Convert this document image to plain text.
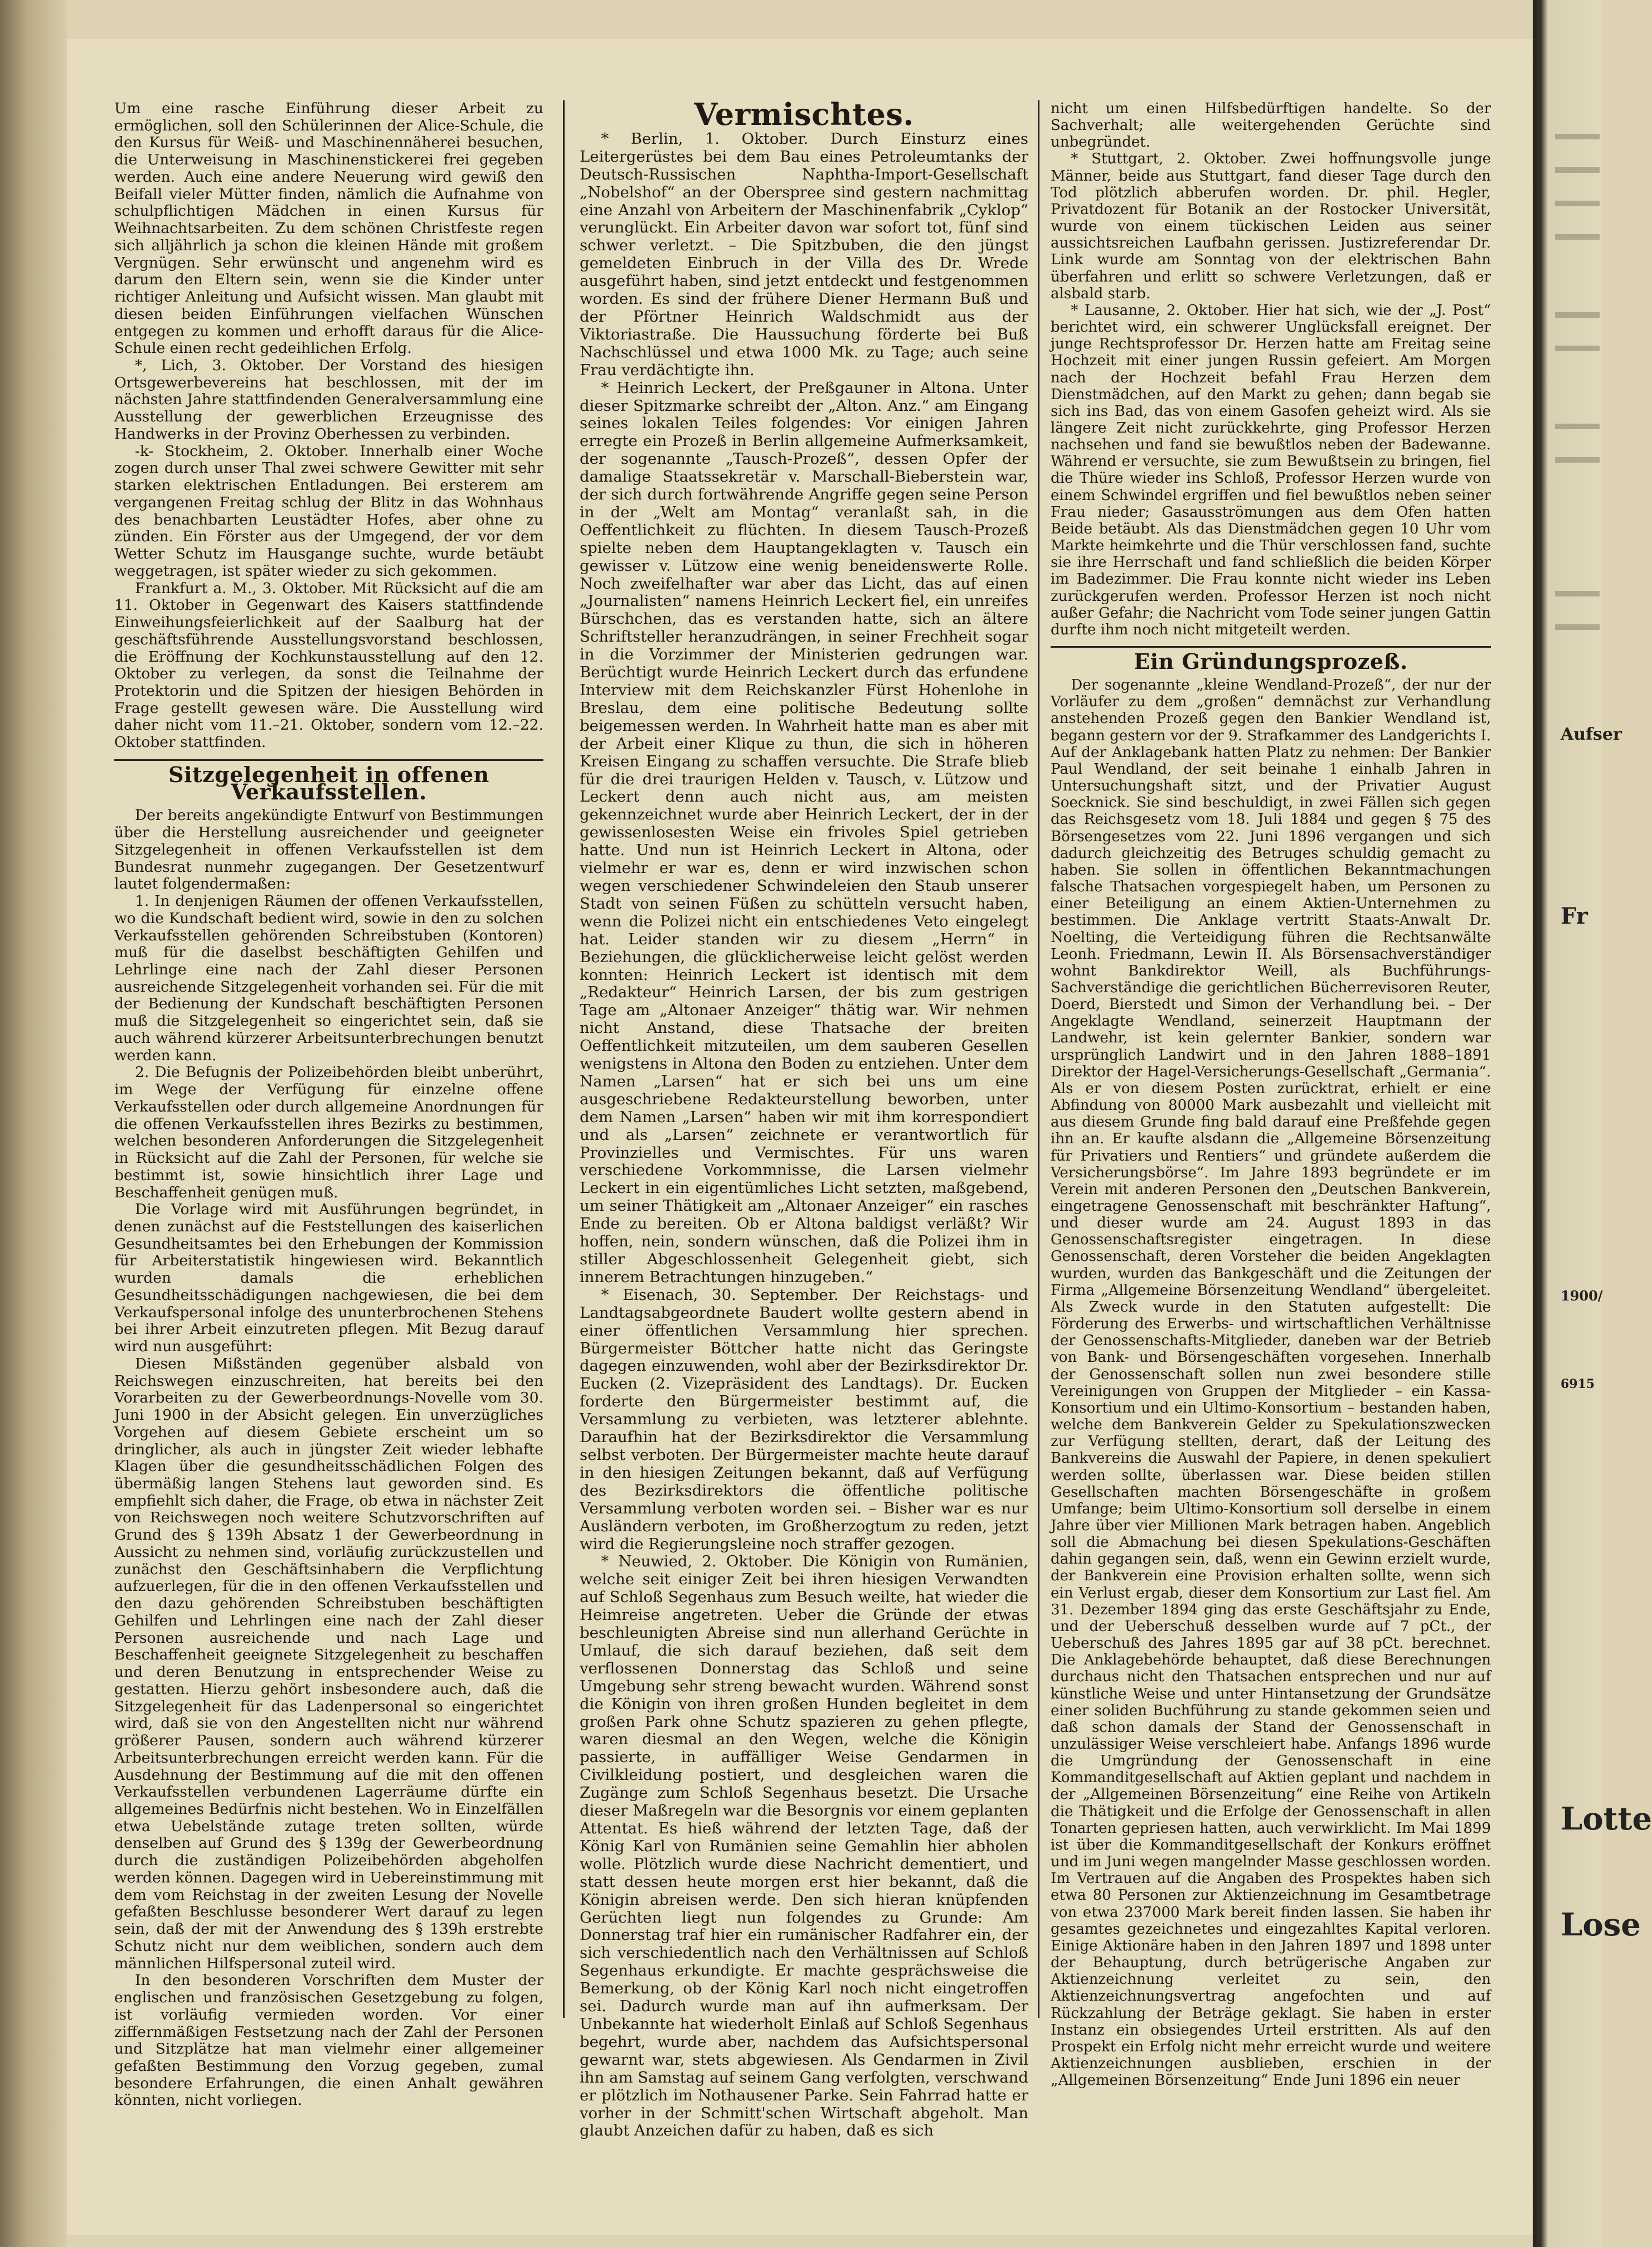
Um eine rasche Einführung dieser Arbeit zu ermöglichen, soll den Schülerinnen der Alice-Schule, die den Kursus für Weiß- und Maschinennäherei besuchen, die Unterweisung in Maschinenstickerei frei gegeben werden. Auch eine andere Neuerung wird gewiß den Beifall vieler Mütter finden, nämlich die Aufnahme von schulpflichtigen Mädchen in einen Kursus für Weihnachtsarbeiten. Zu dem schönen Christfeste regen sich alljährlich ja schon die kleinen Hände mit großem Vergnügen. Sehr erwünscht und angenehm wird es darum den Eltern sein, wenn sie die Kinder unter richtiger Anleitung und Aufsicht wissen. Man glaubt mit diesen beiden Einführungen vielfachen Wünschen entgegen zu kommen und erhofft daraus für die Alice-Schule einen recht gedeihlichen Erfolg.

*, Lich, 3. Oktober. Der Vorstand des hiesigen Ortsgewerbevereins hat beschlossen, mit der im nächsten Jahre stattfindenden Generalversammlung eine Ausstellung der gewerblichen Erzeugnisse des Handwerks in der Provinz Oberhessen zu verbinden.

-k- Stockheim, 2. Oktober. Innerhalb einer Woche zogen durch unser Thal zwei schwere Gewitter mit sehr starken elektrischen Entladungen. Bei ersterem am vergangenen Freitag schlug der Blitz in das Wohnhaus des benachbarten Leustädter Hofes, aber ohne zu zünden. Ein Förster aus der Umgegend, der vor dem Wetter Schutz im Hausgange suchte, wurde betäubt weggetragen, ist später wieder zu sich gekommen.

Frankfurt a. M., 3. Oktober. Mit Rücksicht auf die am 11. Oktober in Gegenwart des Kaisers stattfindende Einweihungsfeierlichkeit auf der Saalburg hat der geschäftsführende Ausstellungsvorstand beschlossen, die Eröffnung der Kochkunstausstellung auf den 12. Oktober zu verlegen, da sonst die Teilnahme der Protektorin und die Spitzen der hiesigen Behörden in Frage gestellt gewesen wäre. Die Ausstellung wird daher nicht vom 11.–21. Oktober, sondern vom 12.–22. Oktober stattfinden.

Sitzgelegenheit in offenen Verkaufsstellen.

Der bereits angekündigte Entwurf von Bestimmungen über die Herstellung ausreichender und geeigneter Sitzgelegenheit in offenen Verkaufsstellen ist dem Bundesrat nunmehr zugegangen. Der Gesetzentwurf lautet folgendermaßen:

1. In denjenigen Räumen der offenen Verkaufsstellen, wo die Kundschaft bedient wird, sowie in den zu solchen Verkaufsstellen gehörenden Schreibstuben (Kontoren) muß für die daselbst beschäftigten Gehilfen und Lehrlinge eine nach der Zahl dieser Personen ausreichende Sitzgelegenheit vorhanden sei. Für die mit der Bedienung der Kundschaft beschäftigten Personen muß die Sitzgelegenheit so eingerichtet sein, daß sie auch während kürzerer Arbeitsunterbrechungen benutzt werden kann.

2. Die Befugnis der Polizeibehörden bleibt unberührt, im Wege der Verfügung für einzelne offene Verkaufsstellen oder durch allgemeine Anordnungen für die offenen Verkaufsstellen ihres Bezirks zu bestimmen, welchen besonderen Anforderungen die Sitzgelegenheit in Rücksicht auf die Zahl der Personen, für welche sie bestimmt ist, sowie hinsichtlich ihrer Lage und Beschaffenheit genügen muß.

Die Vorlage wird mit Ausführungen begründet, in denen zunächst auf die Feststellungen des kaiserlichen Gesundheitsamtes bei den Erhebungen der Kommission für Arbeiterstatistik hingewiesen wird. Bekanntlich wurden damals die erheblichen Gesundheitsschädigungen nachgewiesen, die bei dem Verkaufspersonal infolge des ununterbrochenen Stehens bei ihrer Arbeit einzutreten pflegen. Mit Bezug darauf wird nun ausgeführt:

Diesen Mißständen gegenüber alsbald von Reichswegen einzuschreiten, hat bereits bei den Vorarbeiten zu der Gewerbeordnungs-Novelle vom 30. Juni 1900 in der Absicht gelegen. Ein unverzügliches Vorgehen auf diesem Gebiete erscheint um so dringlicher, als auch in jüngster Zeit wieder lebhafte Klagen über die gesundheitsschädlichen Folgen des übermäßig langen Stehens laut geworden sind. Es empfiehlt sich daher, die Frage, ob etwa in nächster Zeit von Reichswegen noch weitere Schutzvorschriften auf Grund des § 139h Absatz 1 der Gewerbeordnung in Aussicht zu nehmen sind, vorläufig zurückzustellen und zunächst den Geschäftsinhabern die Verpflichtung aufzuerlegen, für die in den offenen Verkaufsstellen und den dazu gehörenden Schreibstuben beschäftigten Gehilfen und Lehrlingen eine nach der Zahl dieser Personen ausreichende und nach Lage und Beschaffenheit geeignete Sitzgelegenheit zu beschaffen und deren Benutzung in entsprechender Weise zu gestatten. Hierzu gehört insbesondere auch, daß die Sitzgelegenheit für das Ladenpersonal so eingerichtet wird, daß sie von den Angestellten nicht nur während größerer Pausen, sondern auch während kürzerer Arbeitsunterbrechungen erreicht werden kann. Für die Ausdehnung der Bestimmung auf die mit den offenen Verkaufsstellen verbundenen Lagerräume dürfte ein allgemeines Bedürfnis nicht bestehen. Wo in Einzelfällen etwa Uebelstände zutage treten sollten, würde denselben auf Grund des § 139g der Gewerbeordnung durch die zuständigen Polizeibehörden abgeholfen werden können. Dagegen wird in Uebereinstimmung mit dem vom Reichstag in der zweiten Lesung der Novelle gefaßten Beschlusse besonderer Wert darauf zu legen sein, daß der mit der Anwendung des § 139h erstrebte Schutz nicht nur dem weiblichen, sondern auch dem männlichen Hilfspersonal zuteil wird.

In den besonderen Vorschriften dem Muster der englischen und französischen Gesetzgebung zu folgen, ist vorläufig vermieden worden. Vor einer ziffernmäßigen Festsetzung nach der Zahl der Personen und Sitzplätze hat man vielmehr einer allgemeiner gefaßten Bestimmung den Vorzug gegeben, zumal besondere Erfahrungen, die einen Anhalt gewähren könnten, nicht vorliegen.

Vermischtes.

* Berlin, 1. Oktober. Durch Einsturz eines Leitergerüstes bei dem Bau eines Petroleumtanks der Deutsch-Russischen Naphtha-Import-Gesellschaft „Nobelshof“ an der Oberspree sind gestern nachmittag eine Anzahl von Arbeitern der Maschinenfabrik „Cyklop“ verunglückt. Ein Arbeiter davon war sofort tot, fünf sind schwer verletzt. – Die Spitzbuben, die den jüngst gemeldeten Einbruch in der Villa des Dr. Wrede ausgeführt haben, sind jetzt entdeckt und festgenommen worden. Es sind der frühere Diener Hermann Buß und der Pförtner Heinrich Waldschmidt aus der Viktoriastraße. Die Haussuchung förderte bei Buß Nachschlüssel und etwa 1000 Mk. zu Tage; auch seine Frau verdächtigte ihn.

* Heinrich Leckert, der Preßgauner in Altona. Unter dieser Spitzmarke schreibt der „Alton. Anz.“ am Eingang seines lokalen Teiles folgendes: Vor einigen Jahren erregte ein Prozeß in Berlin allgemeine Aufmerksamkeit, der sogenannte „Tausch-Prozeß“, dessen Opfer der damalige Staatssekretär v. Marschall-Bieberstein war, der sich durch fortwährende Angriffe gegen seine Person in der „Welt am Montag“ veranlaßt sah, in die Oeffentlichkeit zu flüchten. In diesem Tausch-Prozeß spielte neben dem Hauptangeklagten v. Tausch ein gewisser v. Lützow eine wenig beneidenswerte Rolle. Noch zweifelhafter war aber das Licht, das auf einen „Journalisten“ namens Heinrich Leckert fiel, ein unreifes Bürschchen, das es verstanden hatte, sich an ältere Schriftsteller heranzudrängen, in seiner Frechheit sogar in die Vorzimmer der Ministerien gedrungen war. Berüchtigt wurde Heinrich Leckert durch das erfundene Interview mit dem Reichskanzler Fürst Hohenlohe in Breslau, dem eine politische Bedeutung sollte beigemessen werden. In Wahrheit hatte man es aber mit der Arbeit einer Klique zu thun, die sich in höheren Kreisen Eingang zu schaffen versuchte. Die Strafe blieb für die drei traurigen Helden v. Tausch, v. Lützow und Leckert denn auch nicht aus, am meisten gekennzeichnet wurde aber Heinrich Leckert, der in der gewissenlosesten Weise ein frivoles Spiel getrieben hatte. Und nun ist Heinrich Leckert in Altona, oder vielmehr er war es, denn er wird inzwischen schon wegen verschiedener Schwindeleien den Staub unserer Stadt von seinen Füßen zu schütteln versucht haben, wenn die Polizei nicht ein entschiedenes Veto eingelegt hat. Leider standen wir zu diesem „Herrn“ in Beziehungen, die glücklicherweise leicht gelöst werden konnten: Heinrich Leckert ist identisch mit dem „Redakteur“ Heinrich Larsen, der bis zum gestrigen Tage am „Altonaer Anzeiger“ thätig war. Wir nehmen nicht Anstand, diese Thatsache der breiten Oeffentlichkeit mitzuteilen, um dem sauberen Gesellen wenigstens in Altona den Boden zu entziehen. Unter dem Namen „Larsen“ hat er sich bei uns um eine ausgeschriebene Redakteurstellung beworben, unter dem Namen „Larsen“ haben wir mit ihm korrespondiert und als „Larsen“ zeichnete er verantwortlich für Provinzielles und Vermischtes. Für uns waren verschiedene Vorkommnisse, die Larsen vielmehr Leckert in ein eigentümliches Licht setzten, maßgebend, um seiner Thätigkeit am „Altonaer Anzeiger“ ein rasches Ende zu bereiten. Ob er Altona baldigst verläßt? Wir hoffen, nein, sondern wünschen, daß die Polizei ihm in stiller Abgeschlossenheit Gelegenheit giebt, sich innerem Betrachtungen hinzugeben.“

* Eisenach, 30. September. Der Reichstags- und Landtagsabgeordnete Baudert wollte gestern abend in einer öffentlichen Versammlung hier sprechen. Bürgermeister Böttcher hatte nicht das Geringste dagegen einzuwenden, wohl aber der Bezirksdirektor Dr. Eucken (2. Vizepräsident des Landtags). Dr. Eucken forderte den Bürgermeister bestimmt auf, die Versammlung zu verbieten, was letzterer ablehnte. Daraufhin hat der Bezirksdirektor die Versammlung selbst verboten. Der Bürgermeister machte heute darauf in den hiesigen Zeitungen bekannt, daß auf Verfügung des Bezirksdirektors die öffentliche politische Versammlung verboten worden sei. – Bisher war es nur Ausländern verboten, im Großherzogtum zu reden, jetzt wird die Regierungsleine noch straffer gezogen.

* Neuwied, 2. Oktober. Die Königin von Rumänien, welche seit einiger Zeit bei ihren hiesigen Verwandten auf Schloß Segenhaus zum Besuch weilte, hat wieder die Heimreise angetreten. Ueber die Gründe der etwas beschleunigten Abreise sind nun allerhand Gerüchte in Umlauf, die sich darauf beziehen, daß seit dem verflossenen Donnerstag das Schloß und seine Umgebung sehr streng bewacht wurden. Während sonst die Königin von ihren großen Hunden begleitet in dem großen Park ohne Schutz spazieren zu gehen pflegte, waren diesmal an den Wegen, welche die Königin passierte, in auffälliger Weise Gendarmen in Civilkleidung postiert, und desgleichen waren die Zugänge zum Schloß Segenhaus besetzt. Die Ursache dieser Maßregeln war die Besorgnis vor einem geplanten Attentat. Es hieß während der letzten Tage, daß der König Karl von Rumänien seine Gemahlin hier abholen wolle. Plötzlich wurde diese Nachricht dementiert, und statt dessen heute morgen erst hier bekannt, daß die Königin abreisen werde. Den sich hieran knüpfenden Gerüchten liegt nun folgendes zu Grunde: Am Donnerstag traf hier ein rumänischer Radfahrer ein, der sich verschiedentlich nach den Verhältnissen auf Schloß Segenhaus erkundigte. Er machte gesprächsweise die Bemerkung, ob der König Karl noch nicht eingetroffen sei. Dadurch wurde man auf ihn aufmerksam. Der Unbekannte hat wiederholt Einlaß auf Schloß Segenhaus begehrt, wurde aber, nachdem das Aufsichtspersonal gewarnt war, stets abgewiesen. Als Gendarmen in Zivil ihn am Samstag auf seinem Gang verfolgten, verschwand er plötzlich im Nothausener Parke. Sein Fahrrad hatte er vorher in der Schmitt'schen Wirtschaft abgeholt. Man glaubt Anzeichen dafür zu haben, daß es sich

nicht um einen Hilfsbedürftigen handelte. So der Sachverhalt; alle weitergehenden Gerüchte sind unbegründet.

* Stuttgart, 2. Oktober. Zwei hoffnungsvolle junge Männer, beide aus Stuttgart, fand dieser Tage durch den Tod plötzlich abberufen worden. Dr. phil. Hegler, Privatdozent für Botanik an der Rostocker Universität, wurde von einem tückischen Leiden aus seiner aussichtsreichen Laufbahn gerissen. Justizreferendar Dr. Link wurde am Sonntag von der elektrischen Bahn überfahren und erlitt so schwere Verletzungen, daß er alsbald starb.

* Lausanne, 2. Oktober. Hier hat sich, wie der „J. Post“ berichtet wird, ein schwerer Unglücksfall ereignet. Der junge Rechtsprofessor Dr. Herzen hatte am Freitag seine Hochzeit mit einer jungen Russin gefeiert. Am Morgen nach der Hochzeit befahl Frau Herzen dem Dienstmädchen, auf den Markt zu gehen; dann begab sie sich ins Bad, das von einem Gasofen geheizt wird. Als sie längere Zeit nicht zurückkehrte, ging Professor Herzen nachsehen und fand sie bewußtlos neben der Badewanne. Während er versuchte, sie zum Bewußtsein zu bringen, fiel die Thüre wieder ins Schloß, Professor Herzen wurde von einem Schwindel ergriffen und fiel bewußtlos neben seiner Frau nieder; Gasausströmungen aus dem Ofen hatten Beide betäubt. Als das Dienstmädchen gegen 10 Uhr vom Markte heimkehrte und die Thür verschlossen fand, suchte sie ihre Herrschaft und fand schließlich die beiden Körper im Badezimmer. Die Frau konnte nicht wieder ins Leben zurückgerufen werden. Professor Herzen ist noch nicht außer Gefahr; die Nachricht vom Tode seiner jungen Gattin durfte ihm noch nicht mitgeteilt werden.

Ein Gründungsprozeß.

Der sogenannte „kleine Wendland-Prozeß“, der nur der Vorläufer zu dem „großen“ demnächst zur Verhandlung anstehenden Prozeß gegen den Bankier Wendland ist, begann gestern vor der 9. Strafkammer des Landgerichts I. Auf der Anklagebank hatten Platz zu nehmen: Der Bankier Paul Wendland, der seit beinahe 1 einhalb Jahren in Untersuchungshaft sitzt, und der Privatier August Soecknick. Sie sind beschuldigt, in zwei Fällen sich gegen das Reichsgesetz vom 18. Juli 1884 und gegen § 75 des Börsengesetzes vom 22. Juni 1896 vergangen und sich dadurch gleichzeitig des Betruges schuldig gemacht zu haben. Sie sollen in öffentlichen Bekanntmachungen falsche Thatsachen vorgespiegelt haben, um Personen zu einer Beteiligung an einem Aktien-Unternehmen zu bestimmen. Die Anklage vertritt Staats-Anwalt Dr. Noelting, die Verteidigung führen die Rechtsanwälte Leonh. Friedmann, Lewin II. Als Börsensachverständiger wohnt Bankdirektor Weill, als Buchführungs-Sachverständige die gerichtlichen Bücherrevisoren Reuter, Doerd, Bierstedt und Simon der Verhandlung bei. – Der Angeklagte Wendland, seinerzeit Hauptmann der Landwehr, ist kein gelernter Bankier, sondern war ursprünglich Landwirt und in den Jahren 1888–1891 Direktor der Hagel-Versicherungs-Gesellschaft „Germania“. Als er von diesem Posten zurücktrat, erhielt er eine Abfindung von 80000 Mark ausbezahlt und vielleicht mit aus diesem Grunde fing bald darauf eine Preßfehde gegen ihn an. Er kaufte alsdann die „Allgemeine Börsenzeitung für Privatiers und Rentiers“ und gründete außerdem die Versicherungsbörse“. Im Jahre 1893 begründete er im Verein mit anderen Personen den „Deutschen Bankverein, eingetragene Genossenschaft mit beschränkter Haftung“, und dieser wurde am 24. August 1893 in das Genossenschaftsregister eingetragen. In diese Genossenschaft, deren Vorsteher die beiden Angeklagten wurden, wurden das Bankgeschäft und die Zeitungen der Firma „Allgemeine Börsenzeitung Wendland“ übergeleitet. Als Zweck wurde in den Statuten aufgestellt: Die Förderung des Erwerbs- und wirtschaftlichen Verhältnisse der Genossenschafts-Mitglieder, daneben war der Betrieb von Bank- und Börsengeschäften vorgesehen. Innerhalb der Genossenschaft sollen nun zwei besondere stille Vereinigungen von Gruppen der Mitglieder – ein Kassa-Konsortium und ein Ultimo-Konsortium – bestanden haben, welche dem Bankverein Gelder zu Spekulationszwecken zur Verfügung stellten, derart, daß der Leitung des Bankvereins die Auswahl der Papiere, in denen spekuliert werden sollte, überlassen war. Diese beiden stillen Gesellschaften machten Börsengeschäfte in großem Umfange; beim Ultimo-Konsortium soll derselbe in einem Jahre über vier Millionen Mark betragen haben. Angeblich soll die Abmachung bei diesen Spekulations-Geschäften dahin gegangen sein, daß, wenn ein Gewinn erzielt wurde, der Bankverein eine Provision erhalten sollte, wenn sich ein Verlust ergab, dieser dem Konsortium zur Last fiel. Am 31. Dezember 1894 ging das erste Geschäftsjahr zu Ende, und der Ueberschuß desselben wurde auf 7 pCt., der Ueberschuß des Jahres 1895 gar auf 38 pCt. berechnet. Die Anklagebehörde behauptet, daß diese Berechnungen durchaus nicht den Thatsachen entsprechen und nur auf künstliche Weise und unter Hintansetzung der Grundsätze einer soliden Buchführung zu stande gekommen seien und daß schon damals der Stand der Genossenschaft in unzulässiger Weise verschleiert habe. Anfangs 1896 wurde die Umgründung der Genossenschaft in eine Kommanditgesellschaft auf Aktien geplant und nachdem in der „Allgemeinen Börsenzeitung“ eine Reihe von Artikeln die Thätigkeit und die Erfolge der Genossenschaft in allen Tonarten gepriesen hatten, auch verwirklicht. Im Mai 1899 ist über die Kommanditgesellschaft der Konkurs eröffnet und im Juni wegen mangelnder Masse geschlossen worden. Im Vertrauen auf die Angaben des Prospektes haben sich etwa 80 Personen zur Aktienzeichnung im Gesamtbetrage von etwa 237000 Mark bereit finden lassen. Sie haben ihr gesamtes gezeichnetes und eingezahltes Kapital verloren. Einige Aktionäre haben in den Jahren 1897 und 1898 unter der Behauptung, durch betrügerische Angaben zur Aktienzeichnung verleitet zu sein, den Aktienzeichnungsvertrag angefochten und auf Rückzahlung der Beträge geklagt. Sie haben in erster Instanz ein obsiegendes Urteil erstritten. Als auf den Prospekt ein Erfolg nicht mehr erreicht wurde und weitere Aktienzeichnungen ausblieben, erschien in der „Allgemeinen Börsenzeitung“ Ende Juni 1896 ein neuer

Aufser
Fr
1900/
6915
Lotte
Lose
